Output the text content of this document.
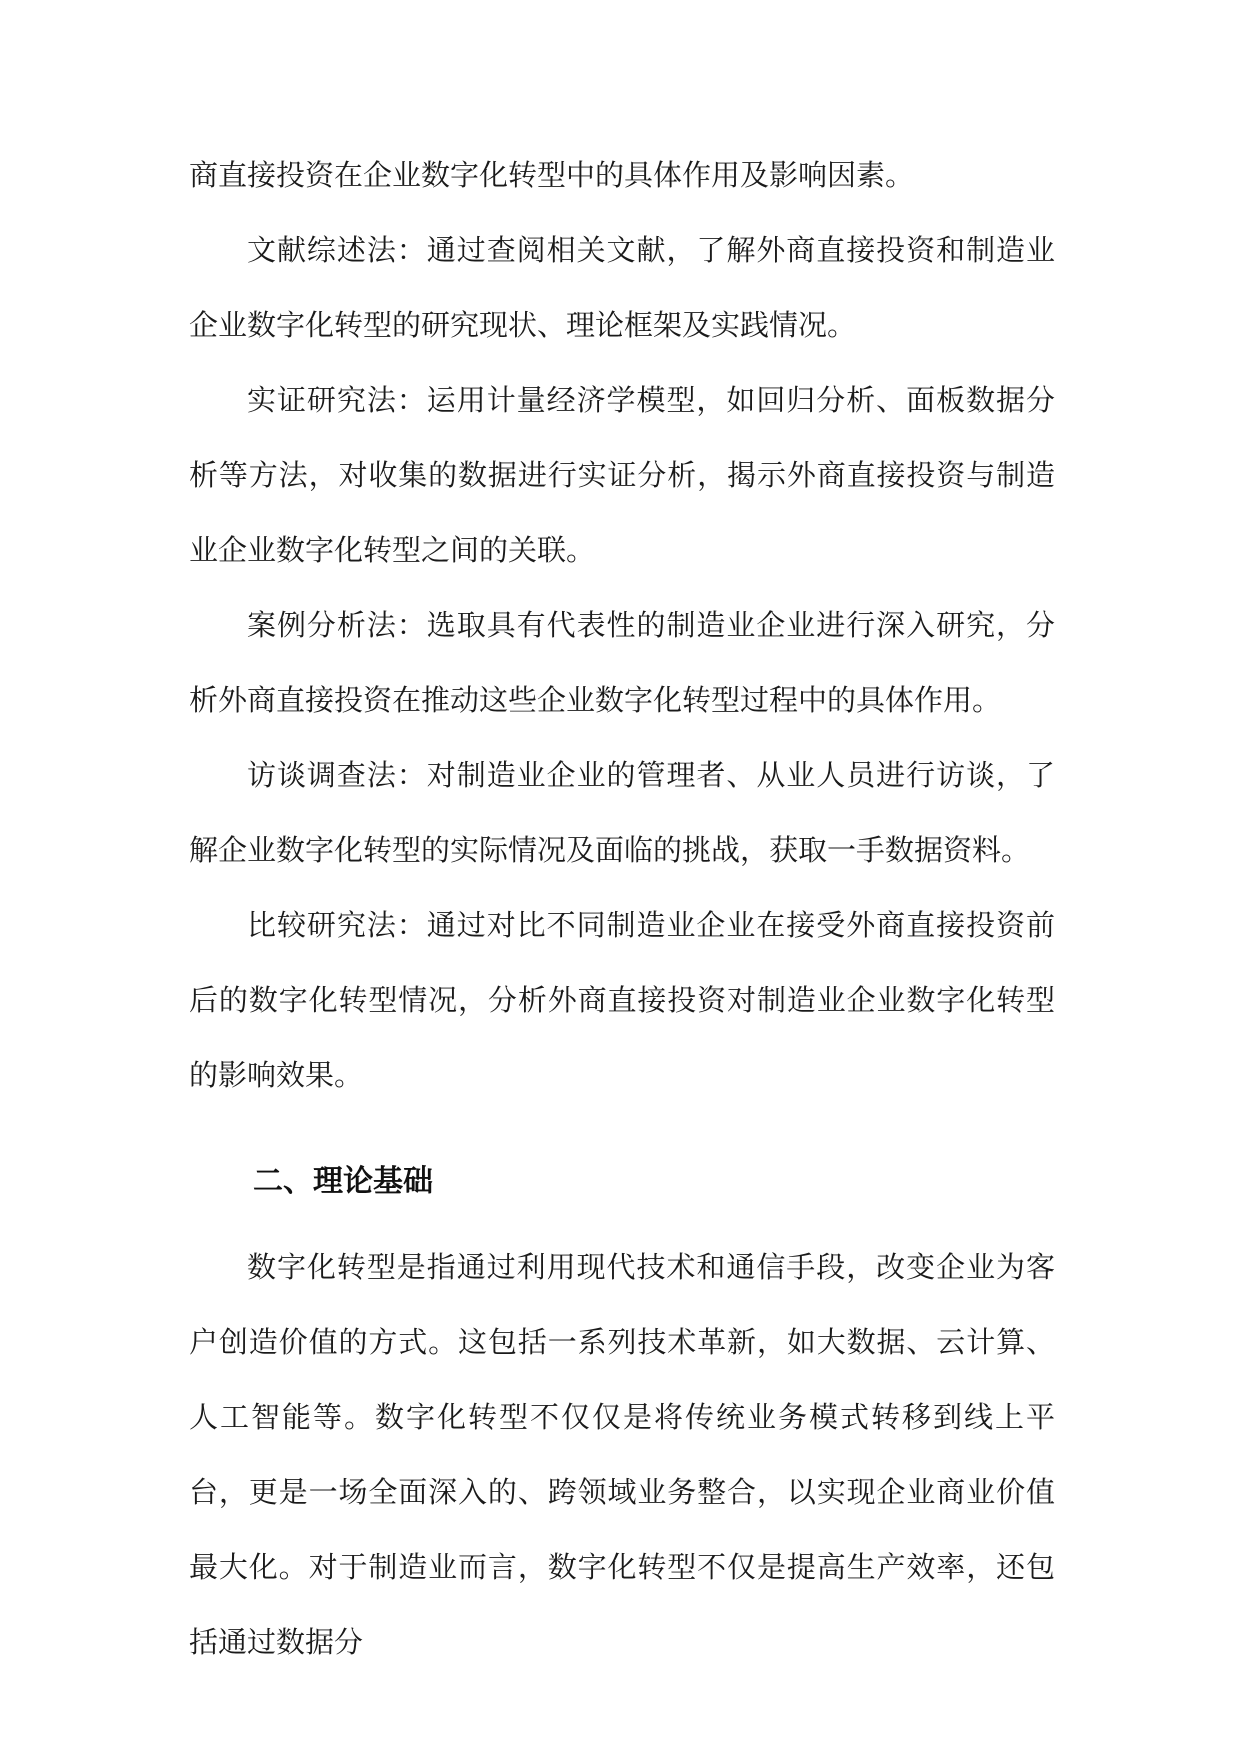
商直接投资在企业数字化转型中的具体作用及影响因素。

文献综述法：通过查阅相关文献，了解外商直接投资和制造业企业数字化转型的研究现状、理论框架及实践情况。

实证研究法：运用计量经济学模型，如回归分析、面板数据分析等方法，对收集的数据进行实证分析，揭示外商直接投资与制造业企业数字化转型之间的关联。

案例分析法：选取具有代表性的制造业企业进行深入研究，分析外商直接投资在推动这些企业数字化转型过程中的具体作用。

访谈调查法：对制造业企业的管理者、从业人员进行访谈，了解企业数字化转型的实际情况及面临的挑战，获取一手数据资料。

比较研究法：通过对比不同制造业企业在接受外商直接投资前后的数字化转型情况，分析外商直接投资对制造业企业数字化转型的影响效果。

二、理论基础

数字化转型是指通过利用现代技术和通信手段，改变企业为客户创造价值的方式。这包括一系列技术革新，如大数据、云计算、人工智能等。数字化转型不仅仅是将传统业务模式转移到线上平台，更是一场全面深入的、跨领域业务整合，以实现企业商业价值最大化。对于制造业而言，数字化转型不仅是提高生产效率，还包括通过数据分
